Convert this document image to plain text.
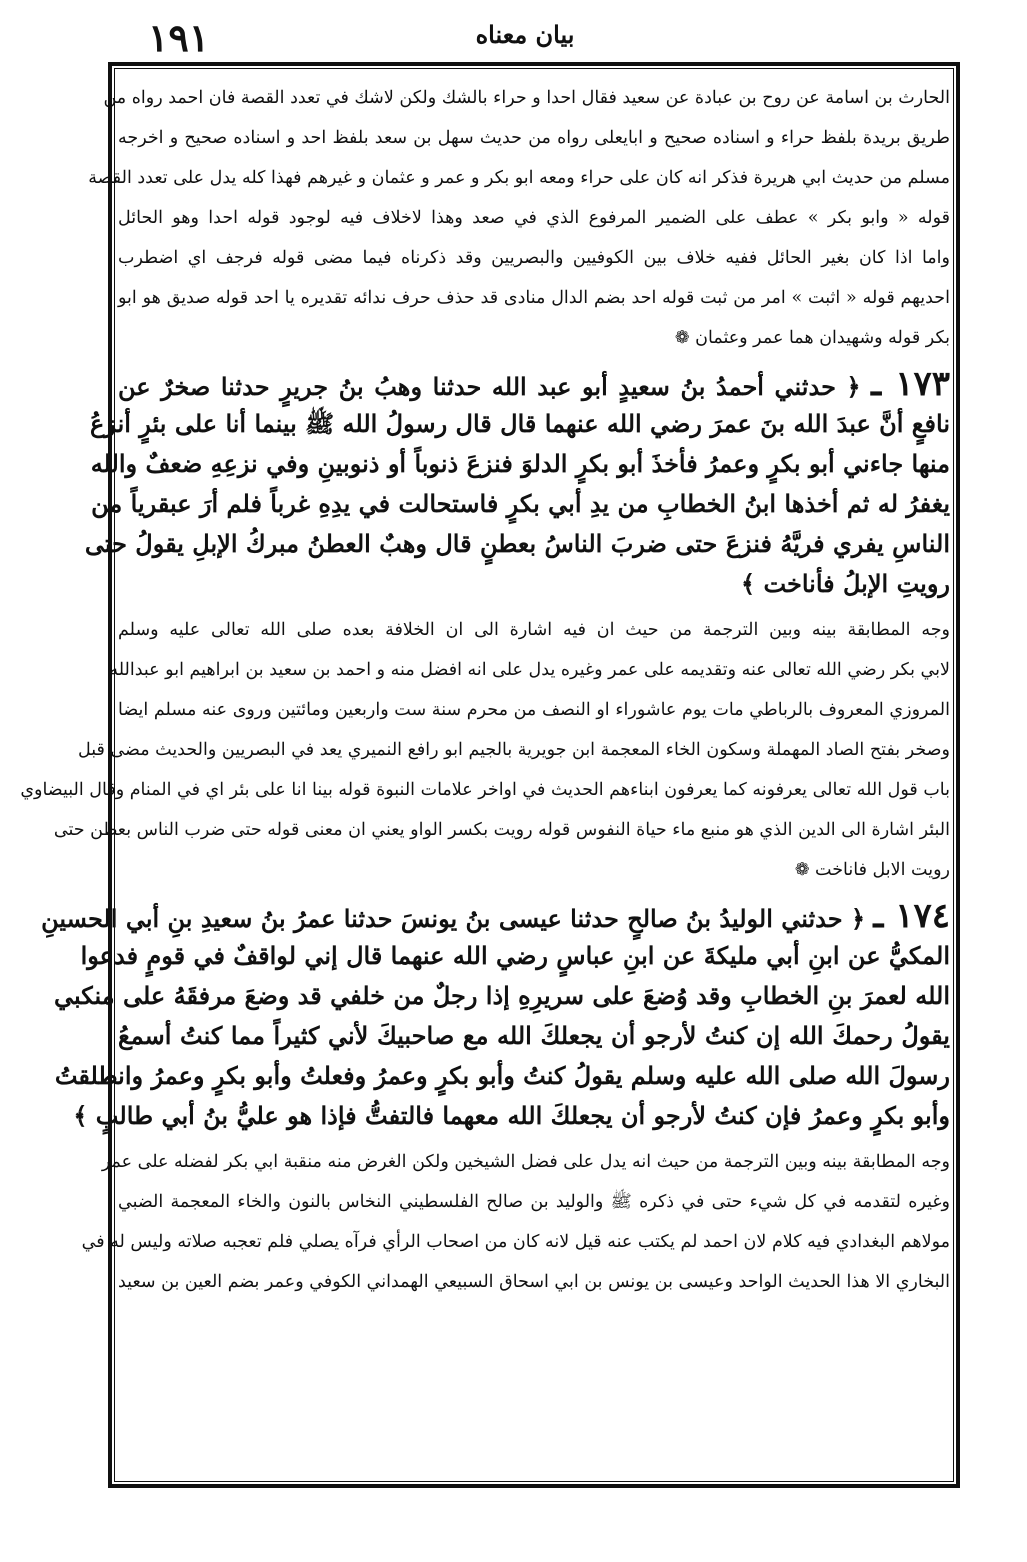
١٩١	بيان معناه
الحارث بن اسامة عن روح بن عبادة عن سعيد فقال احدا و حراء بالشك ولكن لاشك في تعدد القصة فان احمد رواه من
طريق بريدة بلفظ حراء و اسناده صحيح و ابايعلى رواه من حديث سهل بن سعد بلفظ احد و اسناده صحيح و اخرجه
مسلم من حديث ابي هريرة فذكر انه كان على حراء ومعه ابو بكر و عمر و عثمان و غيرهم فهذا كله يدل على تعدد القصة
قوله « وابو بكر » عطف على الضمير المرفوع الذي في صعد وهذا لاخلاف فيه لوجود قوله احدا وهو الحائل
واما اذا كان بغير الحائل ففيه خلاف بين الكوفيين والبصريين وقد ذكرناه فيما مضى قوله فرجف اي اضطرب
احديهم قوله « اثبت » امر من ثبت قوله احد بضم الدال منادى قد حذف حرف ندائه تقديره يا احد قوله صديق هو ابو
بكر قوله وشهيدان هما عمر وعثمان ❁
١٧٣ ـ ﴿ حدثني أحمدُ بنُ سعيدٍ أبو عبد الله حدثنا وهبُ بنُ جريرٍ حدثنا صخرٌ عن
نافعٍ أنَّ عبدَ الله بنَ عمرَ رضي الله عنهما قال قال رسولُ الله ﷺ بينما أنا على بئرٍ أنزعُ
منها جاءني أبو بكرٍ وعمرُ فأخذَ أبو بكرٍ الدلوَ فنزعَ ذنوباً أو ذنوبينِ وفي نزعِهِ ضعفٌ والله
يغفرُ له ثم أخذها ابنُ الخطابِ من يدِ أبي بكرٍ فاستحالت في يدِهِ غرباً فلم أرَ عبقرياً من
الناسِ يفري فريَّهُ فنزعَ حتى ضربَ الناسُ بعطنٍ قال وهبٌ العطنُ مبركُ الإبلِ يقولُ حتى
رويتِ الإبلُ فأناخت ﴾
وجه المطابقة بينه وبين الترجمة من حيث ان فيه اشارة الى ان الخلافة بعده صلى الله تعالى عليه وسلم
لابي بكر رضي الله تعالى عنه وتقديمه على عمر وغيره يدل على انه افضل منه و احمد بن سعيد بن ابراهيم ابو عبدالله
المروزي المعروف بالرباطي مات يوم عاشوراء او النصف من محرم سنة ست واربعين ومائتين وروى عنه مسلم ايضا
وصخر بفتح الصاد المهملة وسكون الخاء المعجمة ابن جويرية بالجيم ابو رافع النميري يعد في البصريين والحديث مضى قبل
باب قول الله تعالى يعرفونه كما يعرفون ابناءهم الحديث في اواخر علامات النبوة قوله بينا انا على بئر اي في المنام وقال البيضاوي
البئر اشارة الى الدين الذي هو منبع ماء حياة النفوس قوله رويت بكسر الواو يعني ان معنى قوله حتى ضرب الناس بعطن حتى
رويت الابل فاناخت ❁
١٧٤ ـ ﴿ حدثني الوليدُ بنُ صالحٍ حدثنا عيسى بنُ يونسَ حدثنا عمرُ بنُ سعيدِ بنِ أبي الحسينِ
المكيُّ عن ابنِ أبي مليكةَ عن ابنِ عباسٍ رضي الله عنهما قال إني لواقفٌ في قومٍ فدعوا
الله لعمرَ بنِ الخطابِ وقد وُضعَ على سريرِهِ إذا رجلٌ من خلفي قد وضعَ مرفقَهُ على منكبي
يقولُ رحمكَ الله إن كنتُ لأرجو أن يجعلكَ الله مع صاحبيكَ لأني كثيراً مما كنتُ أسمعُ
رسولَ الله صلى الله عليه وسلم يقولُ كنتُ وأبو بكرٍ وعمرُ وفعلتُ وأبو بكرٍ وعمرُ وانطلقتُ
وأبو بكرٍ وعمرُ فإن كنتُ لأرجو أن يجعلكَ الله معهما فالتفتُّ فإذا هو عليُّ بنُ أبي طالبٍ ﴾
وجه المطابقة بينه وبين الترجمة من حيث انه يدل على فضل الشيخين ولكن الغرض منه منقبة ابي بكر لفضله على عمر
وغيره لتقدمه في كل شيء حتى في ذكره ﷺ والوليد بن صالح الفلسطيني النخاس بالنون والخاء المعجمة الضبي
مولاهم البغدادي فيه كلام لان احمد لم يكتب عنه قيل لانه كان من اصحاب الرأي فرآه يصلي فلم تعجبه صلاته وليس له في
البخاري الا هذا الحديث الواحد وعيسى بن يونس بن ابي اسحاق السبيعي الهمداني الكوفي وعمر بضم العين بن سعيد
